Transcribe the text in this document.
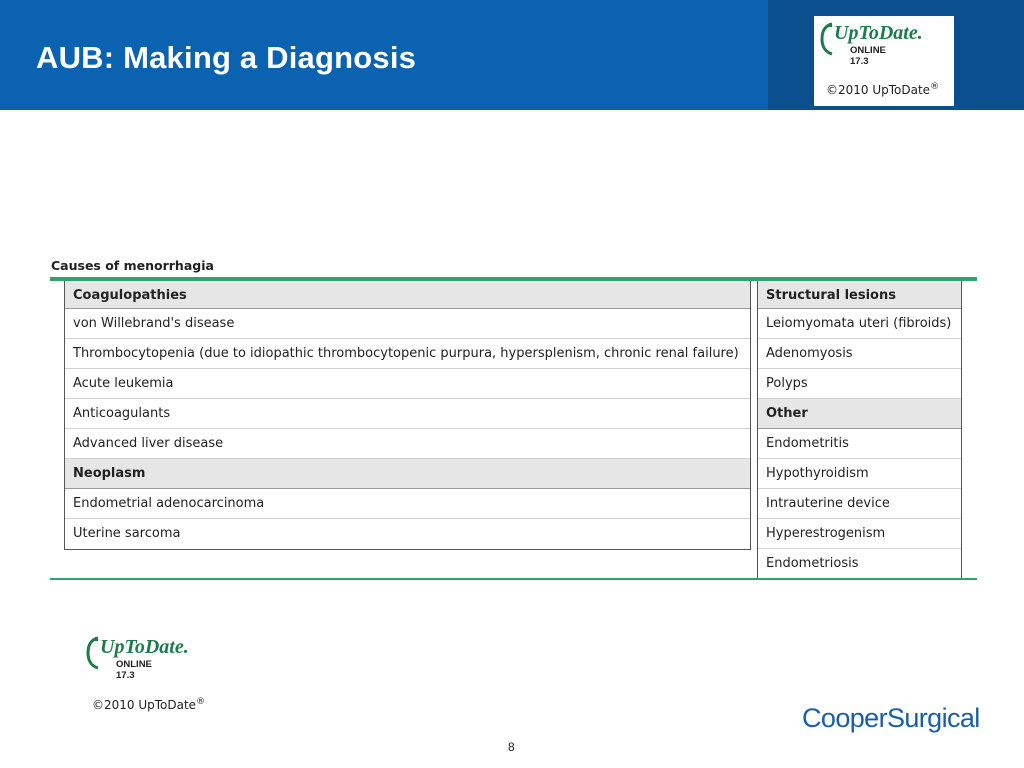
AUB: Making a Diagnosis
UpToDate.
ONLINE 17.3
©2010 UpToDate®
Causes of menorrhagia
Coagulopathies
von Willebrand's disease
Thrombocytopenia (due to idiopathic thrombocytopenic purpura, hypersplenism, chronic renal failure)
Acute leukemia
Anticoagulants
Advanced liver disease
Neoplasm
Endometrial adenocarcinoma
Uterine sarcoma
Structural lesions
Leiomyomata uteri (fibroids)
Adenomyosis
Polyps
Other
Endometritis
Hypothyroidism
Intrauterine device
Hyperestrogenism
Endometriosis
UpToDate.
ONLINE 17.3
©2010 UpToDate®
CooperSurgical
8
